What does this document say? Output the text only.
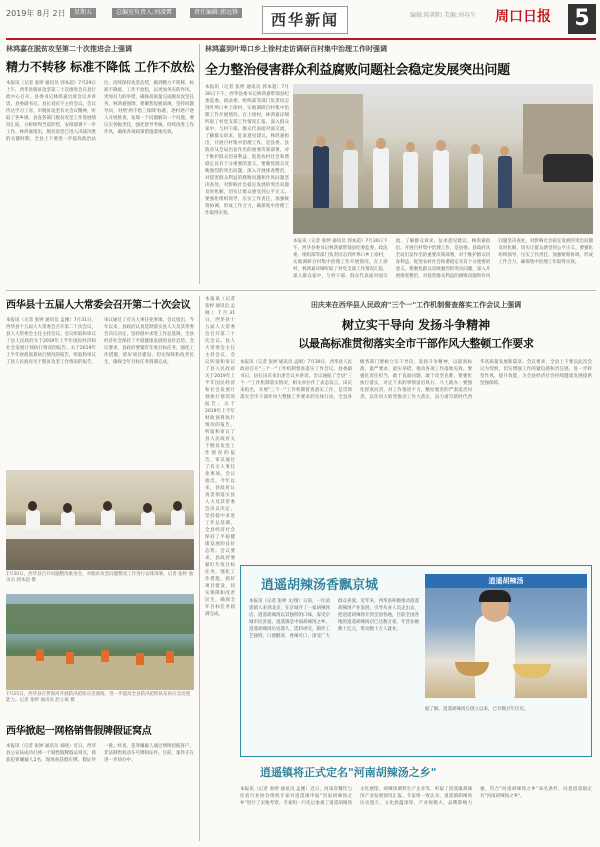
2019年 8月 2日	星期五	总编室负责人:刘凌霄	责任编辑:郭远锋	西华新闻	编辑:陈朝阳 美编:刘春生 周口日报 5
林鸿嘉在脱贫攻坚第二十次推进会上强调
精力不转移 标准不降低 工作不放松
本报讯（记者 张婷 通讯员 郭本超）7月29日上午，西华县脱贫攻坚第二十次推进会在县行政中心召开。县委书记林鸿嘉出席会议并讲话。县委副书记、县长刘庆宇主持会议。会议传达学习了省、市脱贫攻坚有关会议精神，听取了各乡镇、县直各部门脱贫攻坚工作进展情况汇报，分析研判当前形势，安排部署下一步工作。林鸿嘉指出，脱贫攻坚已进入决战决胜的关键时期，全县上下要进一步提高政治站位，持续保持攻坚态势，做到精力不转移、标准不降低、工作不放松，以更加务实的作风、更加有力的举措，确保高质量完成脱贫攻坚任务。林鸿嘉强调，要聚焦短板弱项，坚持问题导向，对照'两不愁三保障'标准，逐村逐户逐人开展排查，发现一个问题解决一个问题。要压实各级责任，强化督导考核，持续改进工作作风，确保各项政策措施落地见效。
林鸿嘉到叶埠口乡上徐村走访调研百村集中治理工作时强调
全力整治侵害群众利益腐败问题社会稳定发展突出问题
本报讯（记者 张婷 通讯员 郭本超）7月30日下午，西华县委书记林鸿嘉带领县纪委监委、政法委、组织部等部门负责同志到叶埠口乡上徐村，实地调研百村集中治理工作开展情况。在上徐村，林鸿嘉详细听取了村党支部工作情况汇报，深入群众家中，与村干部、群众代表面对面交流，了解群众诉求，征求意见建议。林鸿嘉指出，开展百村集中治理工作，是县委、县政府从全局出发作出的重要决策部署，对于维护群众切身利益、促进农村社会和谐稳定具有十分重要的意义。要聚焦群众反映强烈的突出问题，深入开展排查整治，对侵害群众利益的腐败问题和作风问题坚决查处，对影响社会稳定发展的突出问题及时化解，切实让群众感受到公平正义。要强化组织领导，压实工作责任，加强统筹协调，形成工作合力，确保集中治理工作取得实效。
本报讯（记者 张婷 通讯员 郭本超）7月30日下午，西华县委书记林鸿嘉带领县纪委监委、政法委、组织部等部门负责同志到叶埠口乡上徐村，实地调研百村集中治理工作开展情况。在上徐村，林鸿嘉详细听取了村党支部工作情况汇报，深入群众家中，与村干部、群众代表面对面交流，了解群众诉求，征求意见建议。林鸿嘉指出，开展百村集中治理工作，是县委、县政府从全局出发作出的重要决策部署，对于维护群众切身利益、促进农村社会和谐稳定具有十分重要的意义。要聚焦群众反映强烈的突出问题，深入开展排查整治，对侵害群众利益的腐败问题和作风问题坚决查处，对影响社会稳定发展的突出问题及时化解，切实让群众感受到公平正义。要强化组织领导，压实工作责任，加强统筹协调，形成工作合力，确保集中治理工作取得实效。
西华县十五届人大常委会召开第二十次会议
本报讯（记者 张婷 通讯员 孟刚）7月31日，西华县十五届人大常委会召开第二十次会议。县人大常委会主任主持会议。会议听取和审议了县人民政府关于2019年上半年国民经济和社会发展计划执行情况的报告、关于2019年上半年财政预算执行情况的报告，听取和审议了县人民政府关于脱贫攻坚工作情况的报告，审议通过了有关人事任免事项。会议指出，今年以来，县政府认真贯彻落实县人大及其常委会决议决定，坚持稳中求进工作总基调，全县经济社会保持了平稳健康发展的良好态势。会议要求，县政府要紧盯年度目标任务，强化工作措施，抓好项目建设，切实保障和改善民生，确保全年目标任务圆满完成。
7月30日，西华县召开问题整改推进会，对脱贫攻坚问题整改工作进行安排部署。记者 张婷 通讯员 郭本超 摄
7月25日，西华县在贾鲁河开展防汛抢险应急演练，进一步提高全县防汛抢险队伍的应急处置能力。记者 张婷 通讯员 赵立斌 摄
西华掀起一网格销售假牌假证窝点
本报讯（记者 张婷 通讯员 刘晓）近日，西华县公安局成功打掉一个制售假牌假证窝点，抓获犯罪嫌疑人2名，现场查获假车牌、假证件一批。经查，犯罪嫌疑人通过网络招揽客户，非法制售机动车号牌和证件。目前，案件正在进一步侦办中。
本报讯（记者 张婷 通讯员 孟刚）7月31日，西华县十五届人大常委会召开第二十次会议。县人大常委会主任主持会议。会议听取和审议了县人民政府关于2019年上半年国民经济和社会发展计划执行情况的报告、关于2019年上半年财政预算执行情况的报告，听取和审议了县人民政府关于脱贫攻坚工作情况的报告，审议通过了有关人事任免事项。会议指出，今年以来，县政府认真贯彻落实县人大及其常委会决议决定，坚持稳中求进工作总基调，全县经济社会保持了平稳健康发展的良好态势。会议要求，县政府要紧盯年度目标任务，强化工作措施，抓好项目建设，切实保障和改善民生，确保全年目标任务圆满完成。
田庆来在西华县人民政府"三个一"工作机制督查落实工作会议上强调
树立实干导向 发扬斗争精神
以最高标准贯彻落实全市干部作风大整顿工作要求
本报讯（记者 张婷 通讯员 孟刚）7月30日，西华县人民政府召开"三个一"工作机制督查落实工作会议。县委副书记、县长田庆来出席会议并讲话。会议通报了全县"三个一"工作机制落实情况，相关单位作了表态发言。田庆来指出，开展"三个一"工作机制督查落实工作，是贯彻落实全市干部作风大整顿工作要求的具体行动。全县各级各部门要树立实干导向，发扬斗争精神，以最高标准、最严要求、最实举措，推动各项工作落地见效。要强化责任担当，敢于直面问题、敢于攻坚克难；要强化执行落实，对定下来的事情雷厉风行、马上就办；要强化督查问责，对工作推进不力、敷衍塞责的严肃追责问责，以作风大转变推动工作大落实，奋力谱写新时代西华高质量发展新篇章。会议要求，全县上下要以此次会议为契机，切实增强工作的紧迫感和责任感，进一步转变作风、提升效能，为全县经济社会持续健康发展提供坚强保障。
逍遥胡辣汤香飘京城
本报讯（记者 张婷 文/图）日前，一位逍遥镇人来到北京，在京城开了一家胡辣汤店。逍遥胡辣汤以其独特的口味，深受京城市民喜爱。逍遥镇是中国胡辣汤之乡，逍遥胡辣汤历史悠久，选料讲究，制作工艺独特，口感醇厚，香辣可口，深受广大群众喜爱。近年来，西华县积极推动逍遥胡辣汤产业发展，引导从业人员走出去，把逍遥胡辣汤开到全国各地，目前全国各地的逍遥胡辣汤店已达数万家，年营业额数十亿元，带动数十万人就业。
逍遥胡辣汤
据了解，逍遥胡辣汤自创立以来，已有数百年历史。
逍遥镇将正式定名"河南胡辣汤之乡"
本报讯（记者 张婷 通讯员 孟刚）近日，河南省餐饮与住宿行业协会组织专家对逍遥镇申报"河南胡辣汤之乡"进行了实地考察。专家组一行先后参观了逍遥胡辣汤文化展馆、胡辣汤调料生产企业等，听取了逍遥镇胡辣汤产业发展情况汇报。专家组一致认为，逍遥镇胡辣汤历史悠久，文化底蕴深厚，产业规模大，品牌影响力强，符合"河南胡辣汤之乡"命名条件，同意逍遥镇定名"河南胡辣汤之乡"。
